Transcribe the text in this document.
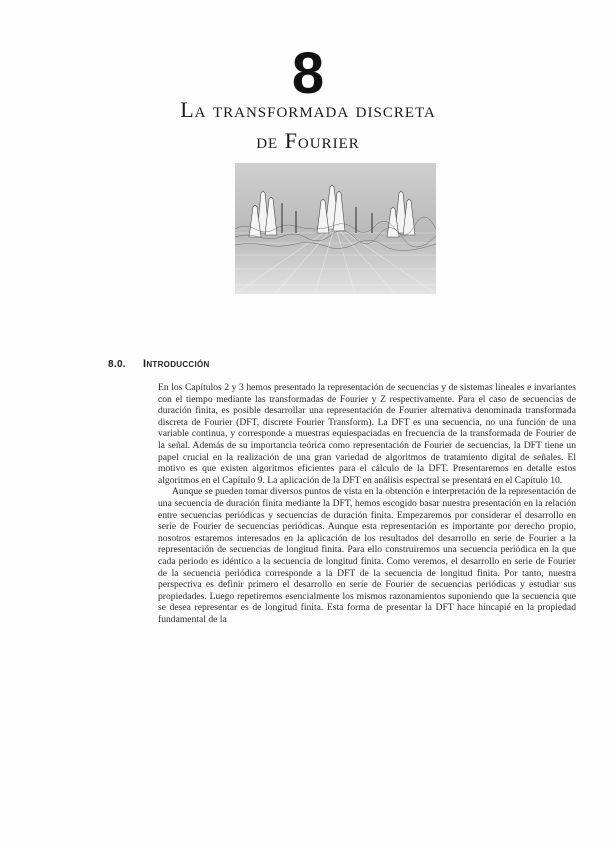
8
La transformada discreta
de Fourier
8.0. Introducción

En los Capítulos 2 y 3 hemos presentado la representación de secuencias y de sistemas lineales e invariantes con el tiempo mediante las transformadas de Fourier y Z respectivamente. Para el caso de secuencias de duración finita, es posible desarrollar una representación de Fourier alternativa denominada transformada discreta de Fourier (DFT, discrete Fourier Transform). La DFT es una secuencia, no una función de una variable continua, y corresponde a muestras equiespaciadas en frecuencia de la transformada de Fourier de la señal. Además de su importancia teórica como representación de Fourier de secuencias, la DFT tiene un papel crucial en la realización de una gran variedad de algoritmos de tratamiento digital de señales. El motivo es que existen algoritmos eficientes para el cálculo de la DFT. Presentaremos en detalle estos algoritmos en el Capítulo 9. La aplicación de la DFT en análisis espectral se presentará en el Capítulo 10.

Aunque se pueden tomar diversos puntos de vista en la obtención e interpretación de la representación de una secuencia de duración finita mediante la DFT, hemos escogido basar nuestra presentación en la relación entre secuencias periódicas y secuencias de duración finita. Empezaremos por considerar el desarrollo en serie de Fourier de secuencias periódicas. Aunque esta representación es importante por derecho propio, nosotros estaremos interesados en la aplicación de los resultados del desarrollo en serie de Fourier a la representación de secuencias de longitud finita. Para ello construiremos una secuencia periódica en la que cada periodo es idéntico a la secuencia de longitud finita. Como veremos, el desarrollo en serie de Fourier de la secuencia periódica corresponde a la DFT de la secuencia de longitud finita. Por tanto, nuestra perspectiva es definir primero el desarrollo en serie de Fourier de secuencias periódicas y estudiar sus propiedades. Luego repetiremos esencialmente los mismos razonamientos suponiendo que la secuencia que se desea representar es de longitud finita. Esta forma de presentar la DFT hace hincapié en la propiedad fundamental de la
